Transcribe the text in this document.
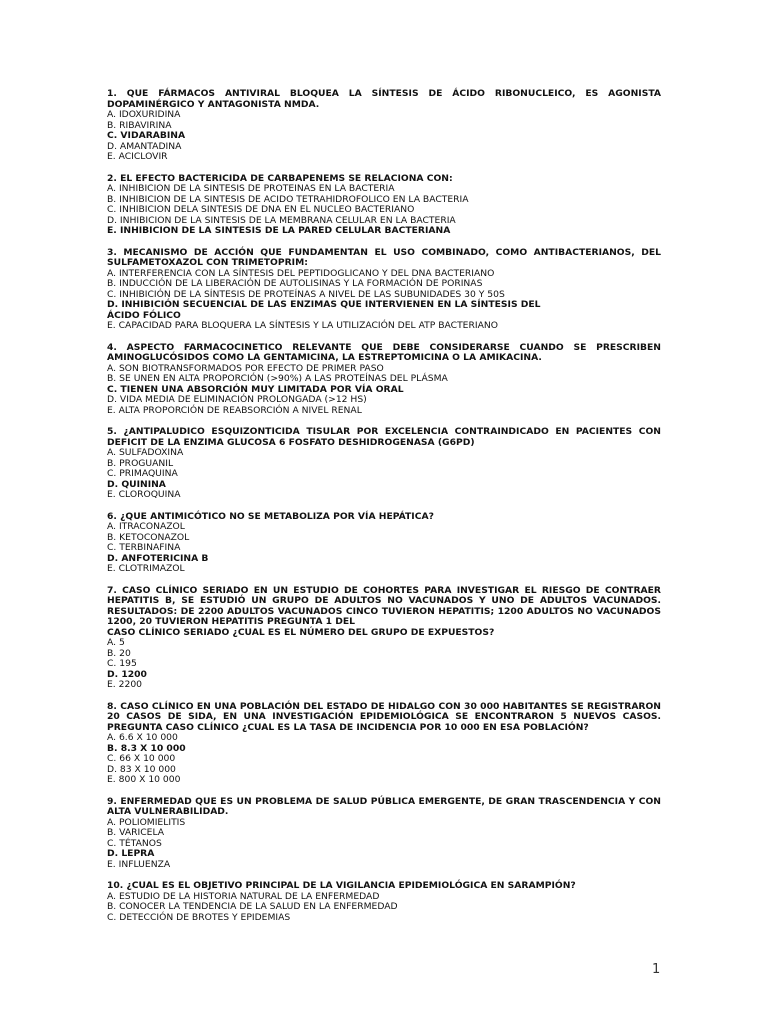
1. QUE FÁRMACOS ANTIVIRAL BLOQUEA LA SÍNTESIS DE ÁCIDO RIBONUCLEICO, ES AGONISTA DOPAMINÉRGICO Y ANTAGONISTA NMDA.
A. IDOXURIDINA
B. RIBAVIRINA
C. VIDARABINA
D. AMANTADINA
E. ACICLOVIR
2. EL EFECTO BACTERICIDA DE CARBAPENEMS SE RELACIONA CON:
A. INHIBICION DE LA SINTESIS DE PROTEINAS EN LA BACTERIA
B. INHIBICION DE LA SINTESIS DE ACIDO TETRAHIDROFOLICO EN LA BACTERIA
C. INHIBICION DELA SINTESIS DE DNA EN EL NUCLEO BACTERIANO
D. INHIBICION DE LA SINTESIS DE LA MEMBRANA CELULAR EN LA BACTERIA
E. INHIBICION DE LA SINTESIS DE LA PARED CELULAR BACTERIANA
3. MECANISMO DE ACCIÓN QUE FUNDAMENTAN EL USO COMBINADO, COMO ANTIBACTERIANOS, DEL SULFAMETOXAZOL CON TRIMETOPRIM:
A. INTERFERENCIA CON LA SÍNTESIS DEL PEPTIDOGLICANO Y DEL DNA BACTERIANO
B. INDUCCIÓN DE LA LIBERACIÓN DE AUTOLISINAS Y LA FORMACIÓN DE PORINAS
C. INHIBICIÓN DE LA SÍNTESIS DE PROTEÍNAS A NIVEL DE LAS SUBUNIDADES 30 Y 50S
D. INHIBICIÓN SECUENCIAL DE LAS ENZIMAS QUE INTERVIENEN EN LA SÍNTESIS DEL
ÁCIDO FÓLICO
E. CAPACIDAD PARA BLOQUERA LA SÍNTESIS Y LA UTILIZACIÓN DEL ATP BACTERIANO
4. ASPECTO FARMACOCINETICO RELEVANTE QUE DEBE CONSIDERARSE CUANDO SE PRESCRIBEN AMINOGLUCÓSIDOS COMO LA GENTAMICINA, LA ESTREPTOMICINA O LA AMIKACINA.
A. SON BIOTRANSFORMADOS POR EFECTO DE PRIMER PASO
B. SE UNEN EN ALTA PROPORCIÓN (>90%) A LAS PROTEÍNAS DEL PLÁSMA
C. TIENEN UNA ABSORCIÓN MUY LIMITADA POR VÍA ORAL
D. VIDA MEDIA DE ELIMINACIÓN PROLONGADA (>12 HS)
E. ALTA PROPORCIÓN DE REABSORCIÓN A NIVEL RENAL
5. ¿ANTIPALUDICO ESQUIZONTICIDA TISULAR POR EXCELENCIA CONTRAINDICADO EN PACIENTES CON DEFICIT DE LA ENZIMA GLUCOSA 6 FOSFATO DESHIDROGENASA (G6PD)
A. SULFADOXINA
B. PROGUANIL
C. PRIMAQUINA
D. QUININA
E. CLOROQUINA
6. ¿QUE ANTIMICÓTICO NO SE METABOLIZA POR VÍA HEPÁTICA?
A. ITRACONAZOL
B. KETOCONAZOL
C. TERBINAFINA
D. ANFOTERICINA B
E. CLOTRIMAZOL
7. CASO CLÍNICO SERIADO EN UN ESTUDIO DE COHORTES PARA INVESTIGAR EL RIESGO DE CONTRAER HEPATITIS B, SE ESTUDIÓ UN GRUPO DE ADULTOS NO VACUNADOS Y UNO DE ADULTOS VACUNADOS. RESULTADOS: DE 2200 ADULTOS VACUNADOS CINCO TUVIERON HEPATITIS; 1200 ADULTOS NO VACUNADOS 1200, 20 TUVIERON HEPATITIS PREGUNTA 1 DEL
CASO CLÍNICO SERIADO ¿CUAL ES EL NÚMERO DEL GRUPO DE EXPUESTOS?
A. 5
B. 20
C. 195
D. 1200
E. 2200
8. CASO CLÍNICO EN UNA POBLACIÓN DEL ESTADO DE HIDALGO CON 30 000 HABITANTES SE REGISTRARON 20 CASOS DE SIDA, EN UNA INVESTIGACIÓN EPIDEMIOLÓGICA SE ENCONTRARON 5 NUEVOS CASOS. PREGUNTA CASO CLÍNICO ¿CUAL ES LA TASA DE INCIDENCIA POR 10 000 EN ESA POBLACIÓN?
A. 6.6 X 10 000
B. 8.3 X 10 000
C. 66 X 10 000
D. 83 X 10 000
E. 800 X 10 000
9. ENFERMEDAD QUE ES UN PROBLEMA DE SALUD PÚBLICA EMERGENTE, DE GRAN TRASCENDENCIA Y CON ALTA VULNERABILIDAD.
A. POLIOMIELITIS
B. VARICELA
C. TÉTANOS
D. LEPRA
E. INFLUENZA
10. ¿CUAL ES EL OBJETIVO PRINCIPAL DE LA VIGILANCIA EPIDEMIOLÓGICA EN SARAMPIÓN?
A. ESTUDIO DE LA HISTORIA NATURAL DE LA ENFERMEDAD
B. CONOCER LA TENDENCIA DE LA SALUD EN LA ENFERMEDAD
C. DETECCIÓN DE BROTES Y EPIDEMIAS
1
